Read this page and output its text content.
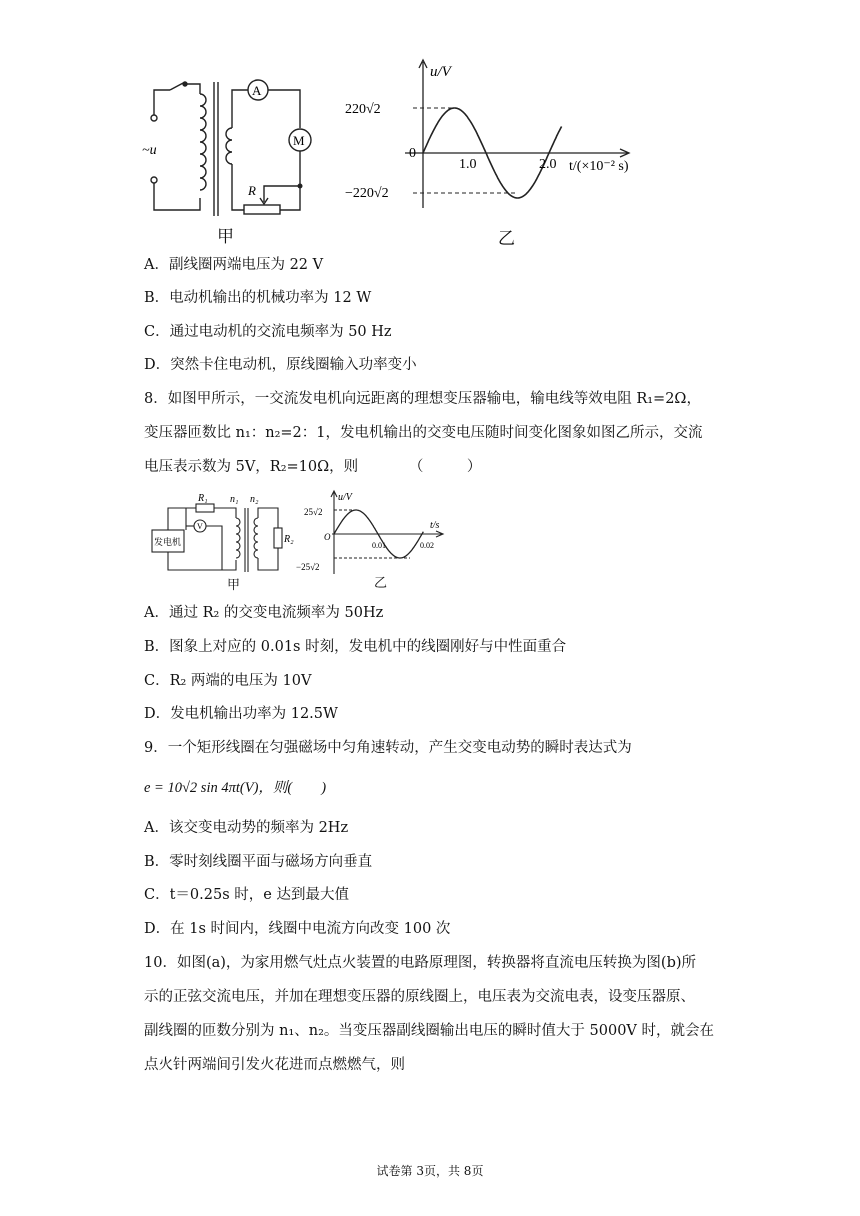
A
M
R
~u
甲
u/V
220√2
0
−220√2
1.0	2.0 t/(×10⁻² s)
乙
A．副线圈两端电压为 22 V
B．电动机输出的机械功率为 12 W
C．通过电动机的交流电频率为 50 Hz
D．突然卡住电动机，原线圈输入功率变小
8．如图甲所示，一交流发电机向远距离的理想变压器输电，输电线等效电阻 R₁=2Ω，
变压器匝数比 n₁：n₂=2：1，发电机输出的交变电压随时间变化图象如图乙所示，交流
电压表示数为 5V，R₂=10Ω，则　　　　（　　　）
发电机
R₁
V
n₁ n₂
R₂
甲
u/V
25√2
−25√2
O
0.01	0.02
t/s
乙
A．通过 R₂ 的交变电流频率为 50Hz
B．图象上对应的 0.01s 时刻，发电机中的线圈刚好与中性面重合
C．R₂ 两端的电压为 10V
D．发电机输出功率为 12.5W
9．一个矩形线圈在匀强磁场中匀角速转动，产生交变电动势的瞬时表达式为
e = 10√2 sin 4πt(V)，则(　　)
A．该交变电动势的频率为 2Hz
B．零时刻线圈平面与磁场方向垂直
C．t＝0.25s 时，e 达到最大值
D．在 1s 时间内，线圈中电流方向改变 100 次
10．如图(a)，为家用燃气灶点火装置的电路原理图，转换器将直流电压转换为图(b)所
示的正弦交流电压，并加在理想变压器的原线圈上，电压表为交流电表，设变压器原、
副线圈的匝数分别为 n₁、n₂。当变压器副线圈输出电压的瞬时值大于 5000V 时，就会在
点火针两端间引发火花进而点燃燃气，则
试卷第 3页，共 8页
